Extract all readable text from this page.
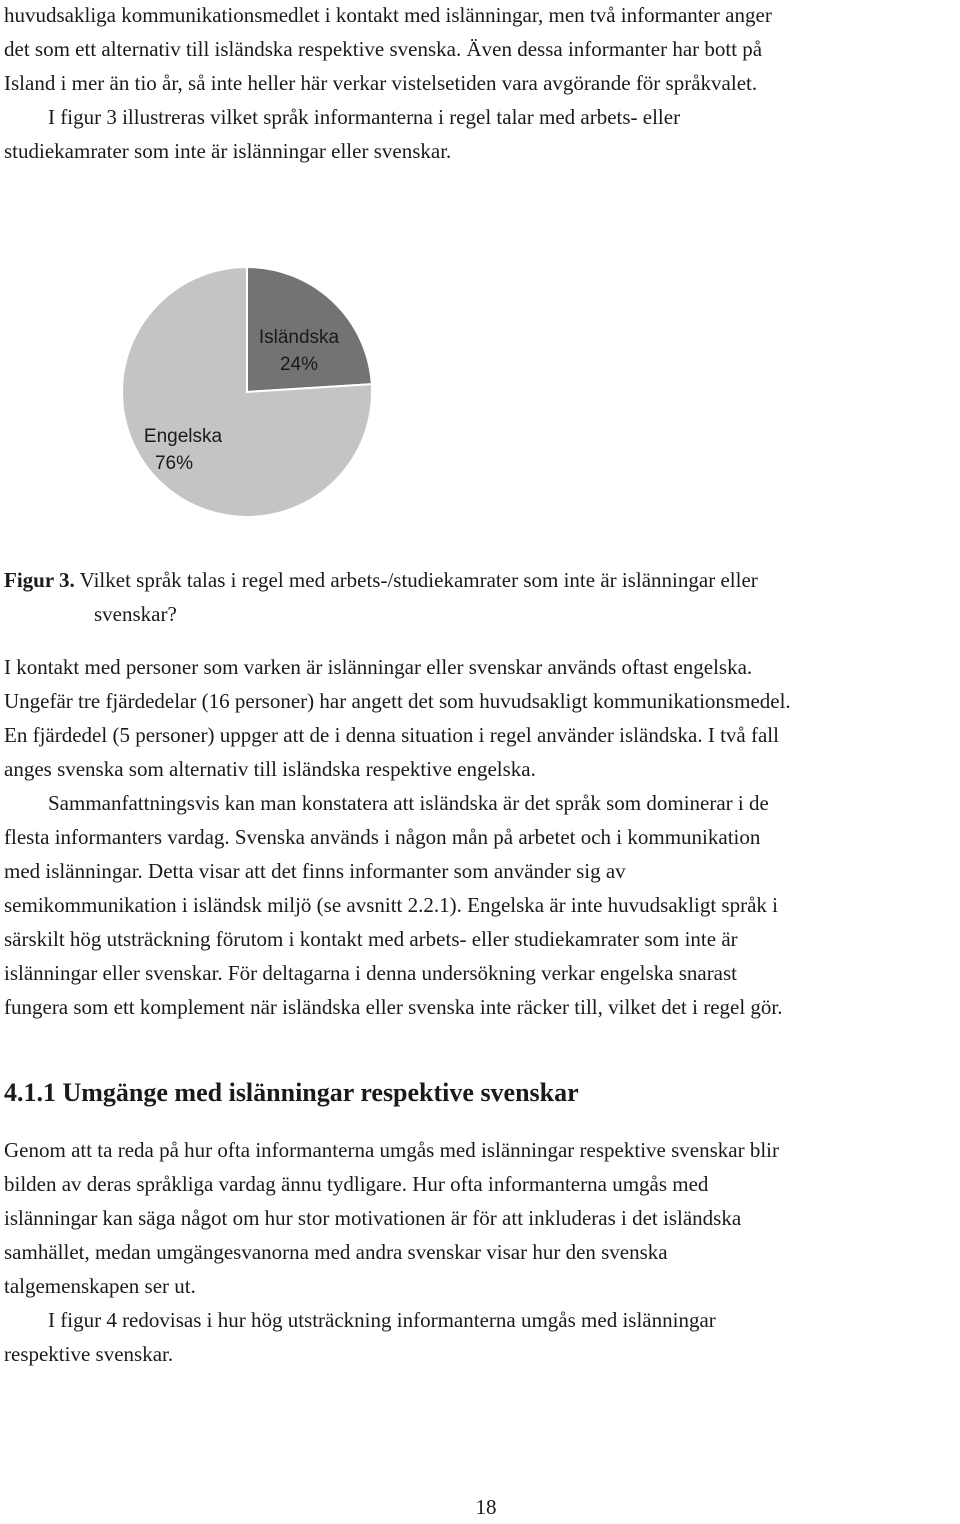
huvudsakliga kommunikationsmedlet i kontakt med islänningar, men två informanter anger
det som ett alternativ till isländska respektive svenska. Även dessa informanter har bott på
Island i mer än tio år, så inte heller här verkar vistelsetiden vara avgörande för språkvalet.
I figur 3 illustreras vilket språk informanterna i regel talar med arbets- eller
studiekamrater som inte är islänningar eller svenskar.
Isländska
24%
Engelska
76%
Figur 3. Vilket språk talas i regel med arbets-/studiekamrater som inte är islänningar eller
svenskar?
I kontakt med personer som varken är islänningar eller svenskar används oftast engelska.
Ungefär tre fjärdedelar (16 personer) har angett det som huvudsakligt kommunikationsmedel.
En fjärdedel (5 personer) uppger att de i denna situation i regel använder isländska. I två fall
anges svenska som alternativ till isländska respektive engelska.
Sammanfattningsvis kan man konstatera att isländska är det språk som dominerar i de
flesta informanters vardag. Svenska används i någon mån på arbetet och i kommunikation
med islänningar. Detta visar att det finns informanter som använder sig av
semikommunikation i isländsk miljö (se avsnitt 2.2.1). Engelska är inte huvudsakligt språk i
särskilt hög utsträckning förutom i kontakt med arbets- eller studiekamrater som inte är
islänningar eller svenskar. För deltagarna i denna undersökning verkar engelska snarast
fungera som ett komplement när isländska eller svenska inte räcker till, vilket det i regel gör.
4.1.1 Umgänge med islänningar respektive svenskar
Genom att ta reda på hur ofta informanterna umgås med islänningar respektive svenskar blir
bilden av deras språkliga vardag ännu tydligare. Hur ofta informanterna umgås med
islänningar kan säga något om hur stor motivationen är för att inkluderas i det isländska
samhället, medan umgängesvanorna med andra svenskar visar hur den svenska
talgemenskapen ser ut.
I figur 4 redovisas i hur hög utsträckning informanterna umgås med islänningar
respektive svenskar.
18
